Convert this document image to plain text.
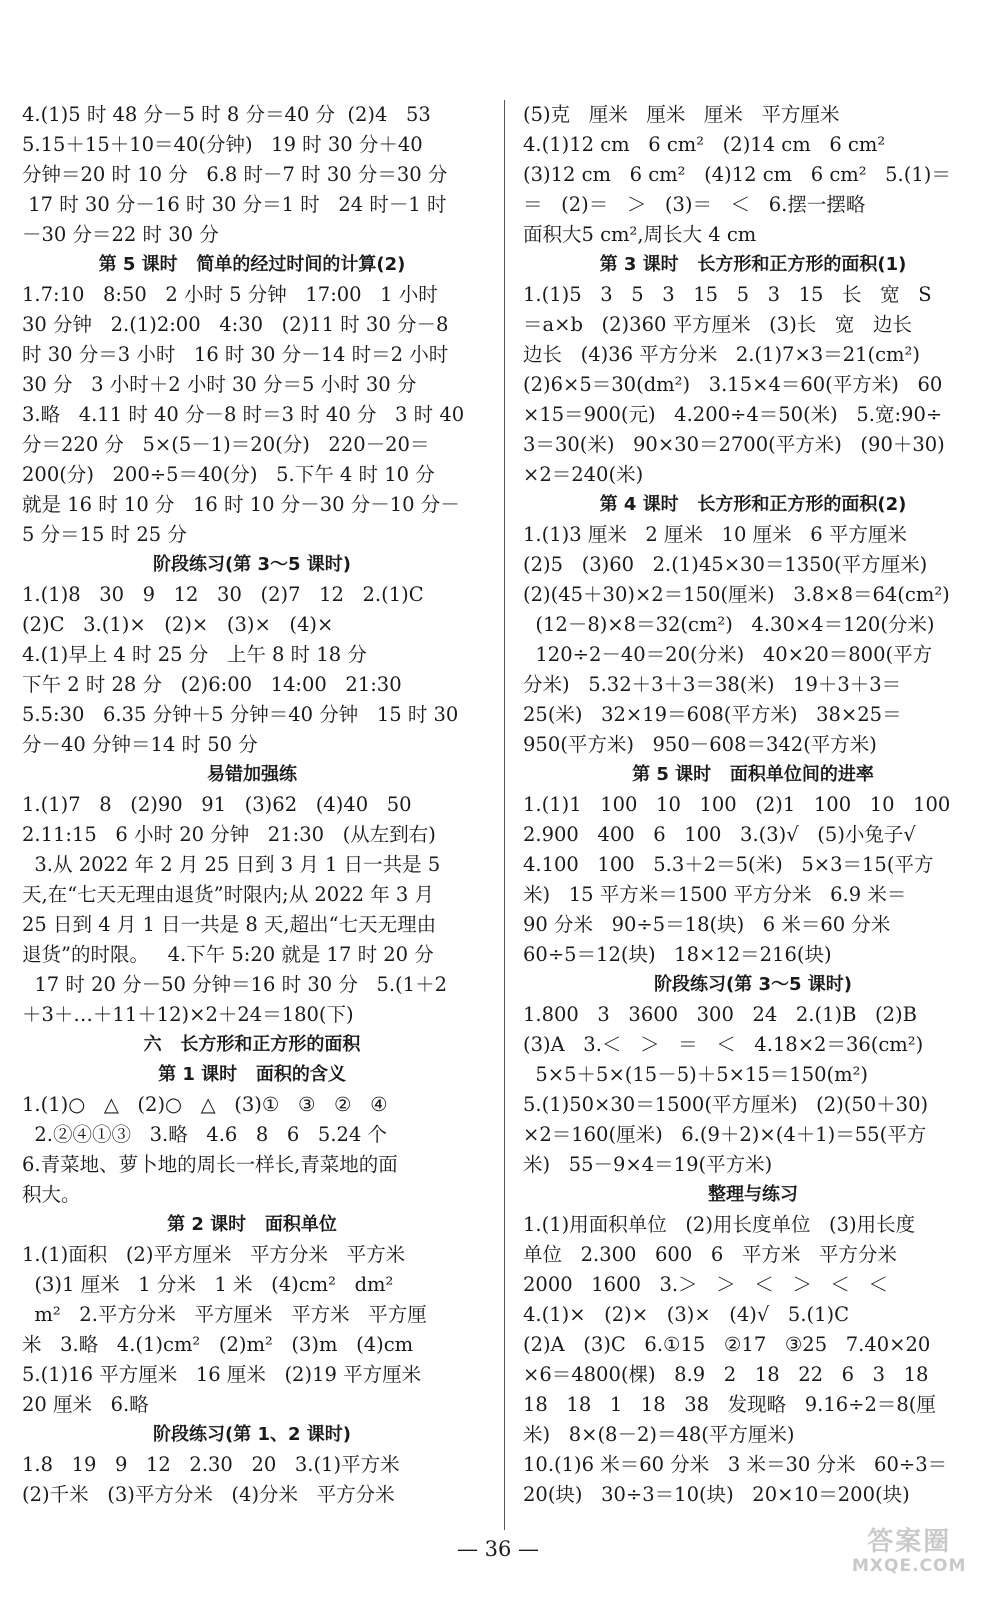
4.(1)5 时 48 分－5 时 8 分＝40 分  (2)4   53
5.15＋15＋10＝40(分钟)   19 时 30 分＋40
分钟＝20 时 10 分   6.8 时－7 时 30 分＝30 分
17 时 30 分－16 时 30 分＝1 时   24 时－1 时
－30 分＝22 时 30 分
第 5 课时   简单的经过时间的计算(2)
1.7:10   8:50   2 小时 5 分钟   17:00   1 小时
30 分钟   2.(1)2:00   4:30   (2)11 时 30 分－8
时 30 分＝3 小时   16 时 30 分－14 时＝2 小时
30 分   3 小时＋2 小时 30 分＝5 小时 30 分
3.略   4.11 时 40 分－8 时＝3 时 40 分   3 时 40
分＝220 分   5×(5－1)＝20(分)   220－20＝
200(分)   200÷5＝40(分)   5.下午 4 时 10 分
就是 16 时 10 分   16 时 10 分－30 分－10 分－
5 分＝15 时 25 分
阶段练习(第 3～5 课时)
1.(1)8   30   9   12   30   (2)7   12   2.(1)C
(2)C   3.(1)×   (2)×   (3)×   (4)×
4.(1)早上 4 时 25 分   上午 8 时 18 分
下午 2 时 28 分   (2)6:00   14:00   21:30
5.5:30   6.35 分钟＋5 分钟＝40 分钟   15 时 30
分－40 分钟＝14 时 50 分
易错加强练
1.(1)7   8   (2)90   91   (3)62   (4)40   50
2.11:15   6 小时 20 分钟   21:30   (从左到右)
3.从 2022 年 2 月 25 日到 3 月 1 日一共是 5
天,在“七天无理由退货”时限内;从 2022 年 3 月
25 日到 4 月 1 日一共是 8 天,超出“七天无理由
退货”的时限。   4.下午 5:20 就是 17 时 20 分
17 时 20 分－50 分钟＝16 时 30 分   5.(1＋2
＋3＋…＋11＋12)×2＋24＝180(下)
六   长方形和正方形的面积
第 1 课时   面积的含义
1.(1)○   △   (2)○   △   (3)①   ③   ②   ④
2.②④①③   3.略   4.6   8   6   5.24 个
6.青菜地、萝卜地的周长一样长,青菜地的面
积大。
第 2 课时   面积单位
1.(1)面积   (2)平方厘米   平方分米   平方米
(3)1 厘米   1 分米   1 米   (4)cm²   dm²
m²   2.平方分米   平方厘米   平方米   平方厘
米   3.略   4.(1)cm²   (2)m²   (3)m   (4)cm
5.(1)16 平方厘米   16 厘米   (2)19 平方厘米
20 厘米   6.略
阶段练习(第 1、2 课时)
1.8   19   9   12   2.30   20   3.(1)平方米
(2)千米   (3)平方分米   (4)分米   平方分米
(5)克   厘米   厘米   厘米   平方厘米
4.(1)12 cm   6 cm²   (2)14 cm   6 cm²
(3)12 cm   6 cm²   (4)12 cm   6 cm²   5.(1)＝
＝   (2)＝   ＞   (3)＝   ＜   6.摆一摆略
面积大5 cm²,周长大 4 cm
第 3 课时   长方形和正方形的面积(1)
1.(1)5   3   5   3   15   5   3   15   长   宽   S
＝a×b   (2)360 平方厘米   (3)长   宽   边长
边长   (4)36 平方分米   2.(1)7×3＝21(cm²)
(2)6×5＝30(dm²)   3.15×4＝60(平方米)   60
×15＝900(元)   4.200÷4＝50(米)   5.宽:90÷
3＝30(米)   90×30＝2700(平方米)   (90＋30)
×2＝240(米)
第 4 课时   长方形和正方形的面积(2)
1.(1)3 厘米   2 厘米   10 厘米   6 平方厘米
(2)5   (3)60   2.(1)45×30＝1350(平方厘米)
(2)(45＋30)×2＝150(厘米)   3.8×8＝64(cm²)
(12－8)×8＝32(cm²)   4.30×4＝120(分米)
120÷2－40＝20(分米)   40×20＝800(平方
分米)   5.32＋3＋3＝38(米)   19＋3＋3＝
25(米)   32×19＝608(平方米)   38×25＝
950(平方米)   950－608＝342(平方米)
第 5 课时   面积单位间的进率
1.(1)1   100   10   100   (2)1   100   10   100
2.900   400   6   100   3.(3)√   (5)小兔子√
4.100   100   5.3＋2＝5(米)   5×3＝15(平方
米)   15 平方米＝1500 平方分米   6.9 米＝
90 分米   90÷5＝18(块)   6 米＝60 分米
60÷5＝12(块)   18×12＝216(块)
阶段练习(第 3～5 课时)
1.800   3   3600   300   24   2.(1)B   (2)B
(3)A   3.＜   ＞   ＝   ＜   4.18×2＝36(cm²)
5×5＋5×(15－5)＋5×15＝150(m²)
5.(1)50×30＝1500(平方厘米)   (2)(50＋30)
×2＝160(厘米)   6.(9＋2)×(4＋1)＝55(平方
米)   55－9×4＝19(平方米)
整理与练习
1.(1)用面积单位   (2)用长度单位   (3)用长度
单位   2.300   600   6   平方米   平方分米
2000   1600   3.＞   ＞   ＜   ＞   ＜   ＜
4.(1)×   (2)×   (3)×   (4)√   5.(1)C
(2)A   (3)C   6.①15   ②17   ③25   7.40×20
×6＝4800(棵)   8.9   2   18   22   6   3   18
18   18   1   18   38   发现略   9.16÷2＝8(厘
米)   8×(8－2)＝48(平方厘米)
10.(1)6 米＝60 分米   3 米＝30 分米   60÷3＝
20(块)   30÷3＝10(块)   20×10＝200(块)
— 36 —	答案圈
MXQE.COM
